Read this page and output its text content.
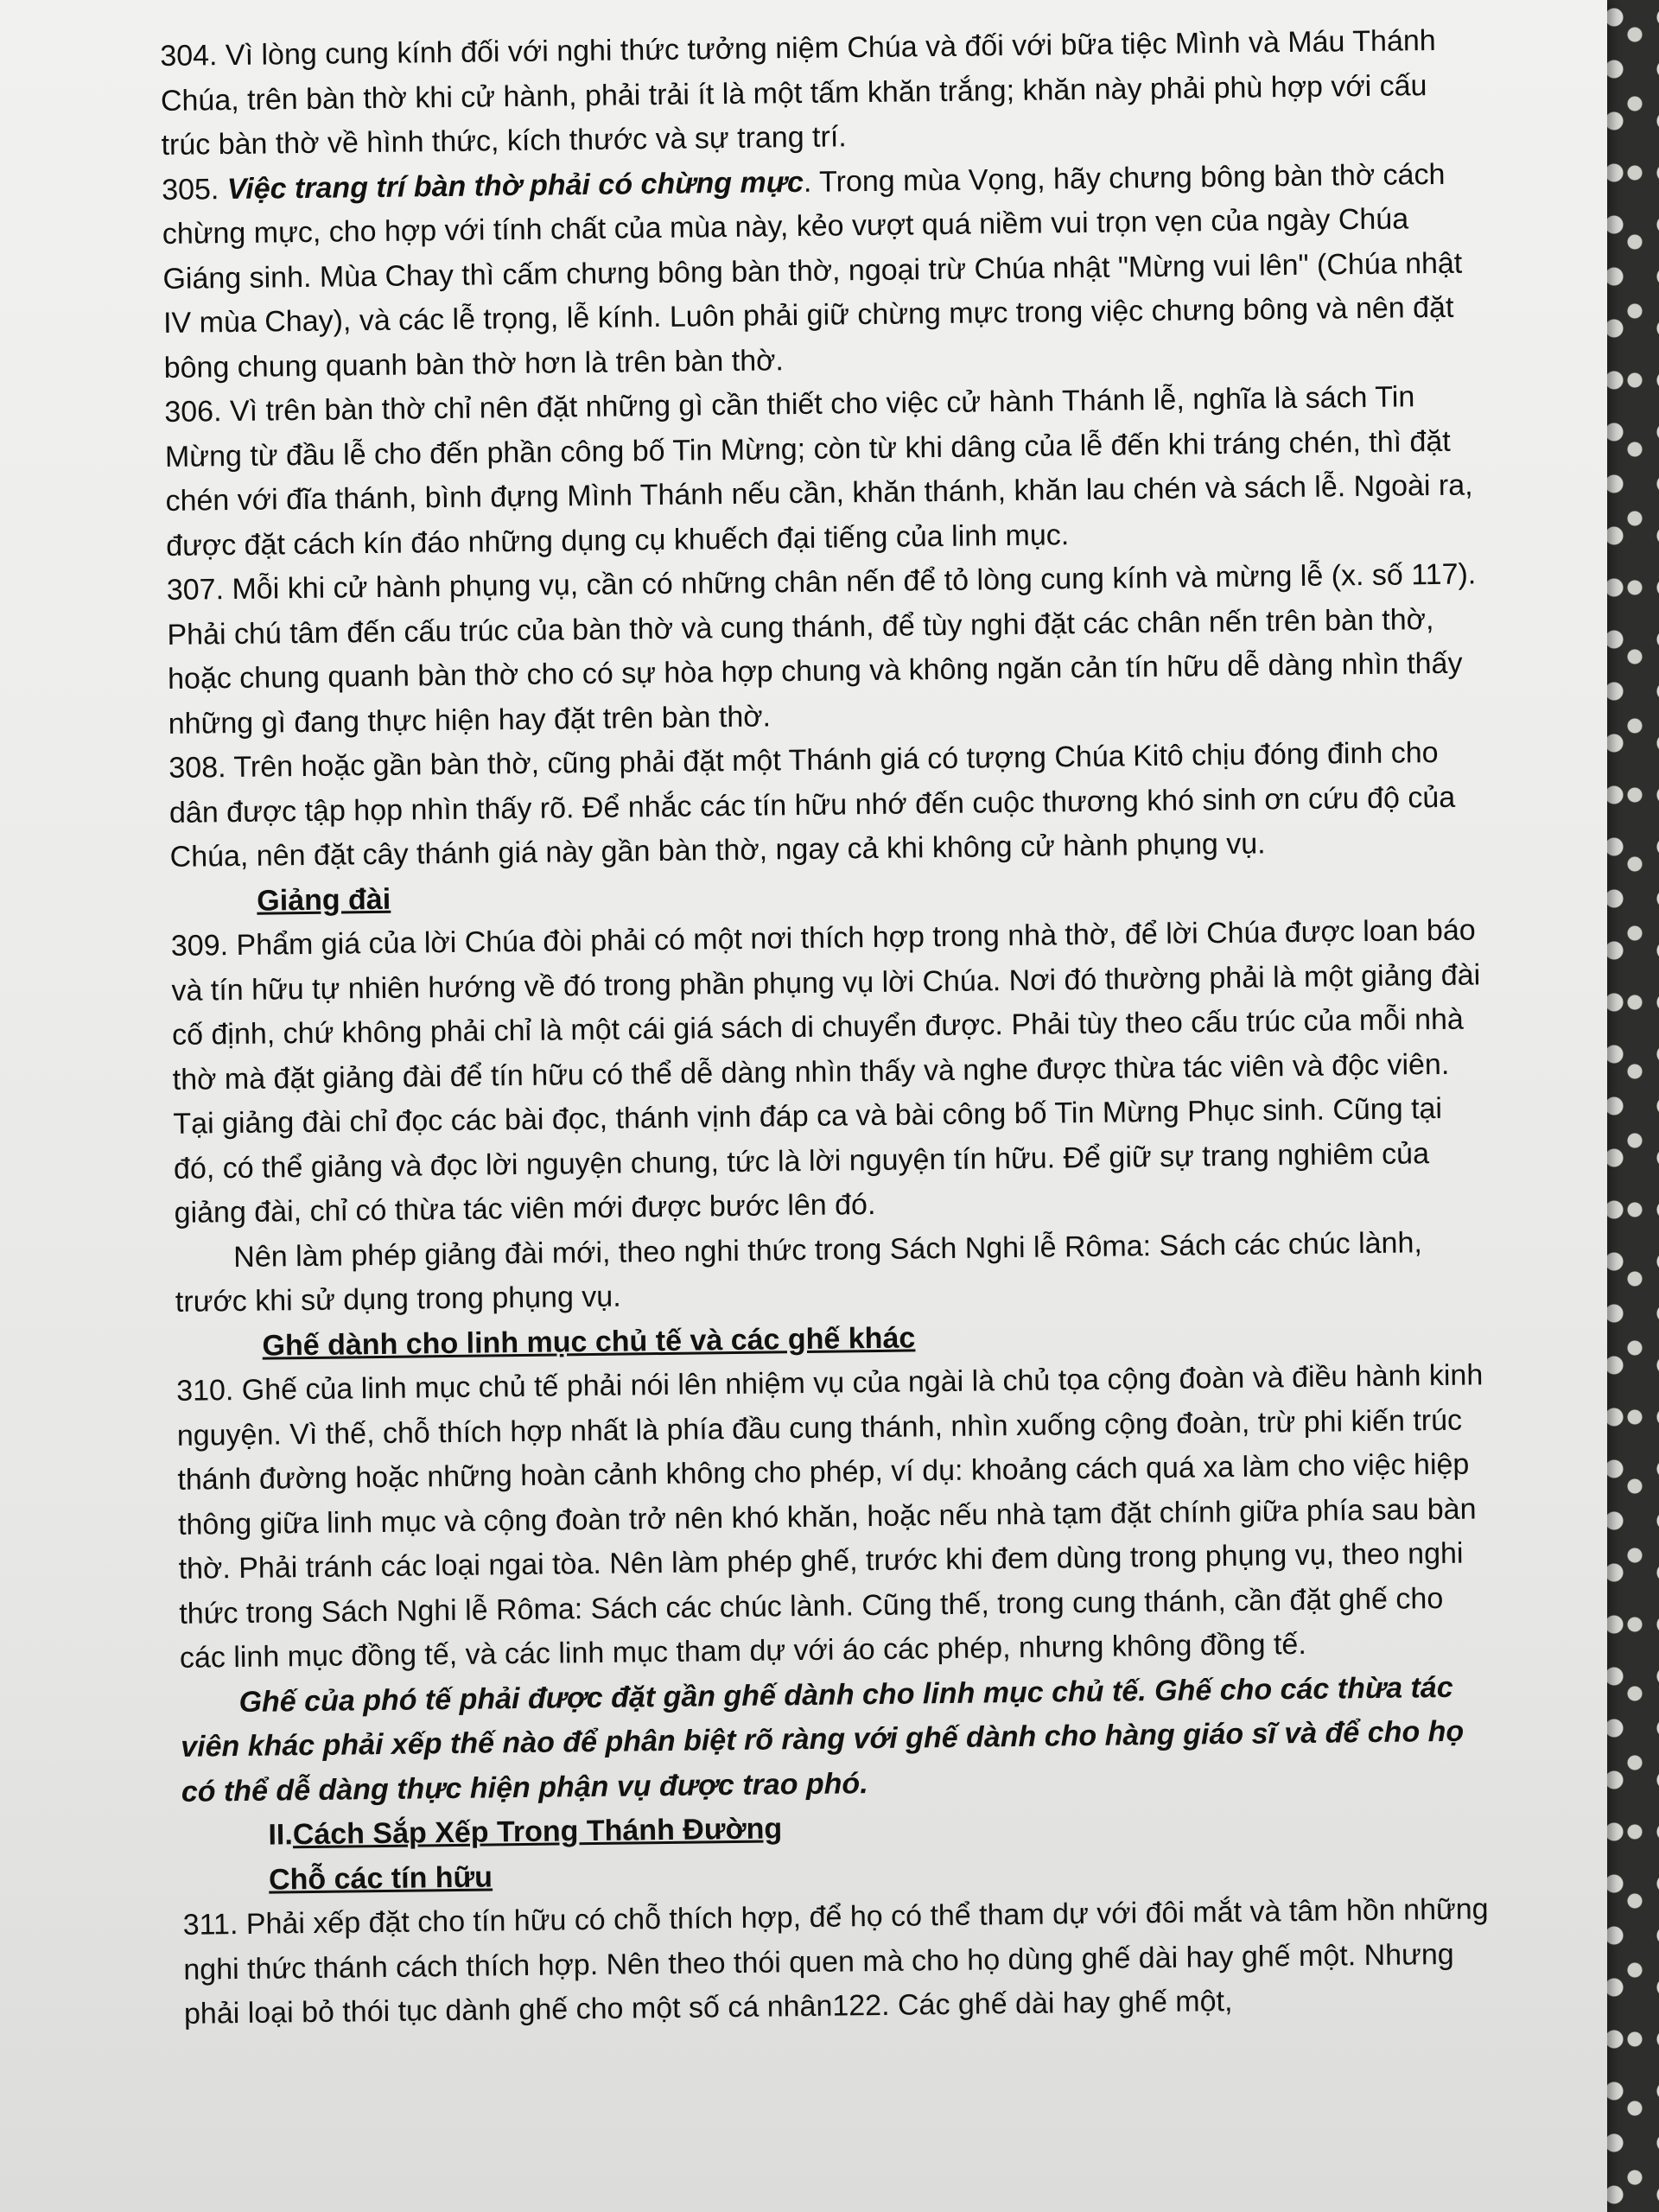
304. Vì lòng cung kính đối với nghi thức tưởng niệm Chúa và đối với bữa tiệc Mình và Máu Thánh Chúa, trên bàn thờ khi cử hành, phải trải ít là một tấm khăn trắng; khăn này phải phù hợp với cấu trúc bàn thờ về hình thức, kích thước và sự trang trí.

305. Việc trang trí bàn thờ phải có chừng mực. Trong mùa Vọng, hãy chưng bông bàn thờ cách chừng mực, cho hợp với tính chất của mùa này, kẻo vượt quá niềm vui trọn vẹn của ngày Chúa Giáng sinh. Mùa Chay thì cấm chưng bông bàn thờ, ngoại trừ Chúa nhật "Mừng vui lên" (Chúa nhật IV mùa Chay), và các lễ trọng, lễ kính. Luôn phải giữ chừng mực trong việc chưng bông và nên đặt bông chung quanh bàn thờ hơn là trên bàn thờ.

306. Vì trên bàn thờ chỉ nên đặt những gì cần thiết cho việc cử hành Thánh lễ, nghĩa là sách Tin Mừng từ đầu lễ cho đến phần công bố Tin Mừng; còn từ khi dâng của lễ đến khi tráng chén, thì đặt chén với đĩa thánh, bình đựng Mình Thánh nếu cần, khăn thánh, khăn lau chén và sách lễ. Ngoài ra, được đặt cách kín đáo những dụng cụ khuếch đại tiếng của linh mục.

307. Mỗi khi cử hành phụng vụ, cần có những chân nến để tỏ lòng cung kính và mừng lễ (x. số 117). Phải chú tâm đến cấu trúc của bàn thờ và cung thánh, để tùy nghi đặt các chân nến trên bàn thờ, hoặc chung quanh bàn thờ cho có sự hòa hợp chung và không ngăn cản tín hữu dễ dàng nhìn thấy những gì đang thực hiện hay đặt trên bàn thờ.

308. Trên hoặc gần bàn thờ, cũng phải đặt một Thánh giá có tượng Chúa Kitô chịu đóng đinh cho dân được tập họp nhìn thấy rõ. Để nhắc các tín hữu nhớ đến cuộc thương khó sinh ơn cứu độ của Chúa, nên đặt cây thánh giá này gần bàn thờ, ngay cả khi không cử hành phụng vụ.

Giảng đài

309. Phẩm giá của lời Chúa đòi phải có một nơi thích hợp trong nhà thờ, để lời Chúa được loan báo và tín hữu tự nhiên hướng về đó trong phần phụng vụ lời Chúa. Nơi đó thường phải là một giảng đài cố định, chứ không phải chỉ là một cái giá sách di chuyển được. Phải tùy theo cấu trúc của mỗi nhà thờ mà đặt giảng đài để tín hữu có thể dễ dàng nhìn thấy và nghe được thừa tác viên và độc viên. Tại giảng đài chỉ đọc các bài đọc, thánh vịnh đáp ca và bài công bố Tin Mừng Phục sinh. Cũng tại đó, có thể giảng và đọc lời nguyện chung, tức là lời nguyện tín hữu. Để giữ sự trang nghiêm của giảng đài, chỉ có thừa tác viên mới được bước lên đó.

Nên làm phép giảng đài mới, theo nghi thức trong Sách Nghi lễ Rôma: Sách các chúc lành, trước khi sử dụng trong phụng vụ.

Ghế dành cho linh mục chủ tế và các ghế khác

310. Ghế của linh mục chủ tế phải nói lên nhiệm vụ của ngài là chủ tọa cộng đoàn và điều hành kinh nguyện. Vì thế, chỗ thích hợp nhất là phía đầu cung thánh, nhìn xuống cộng đoàn, trừ phi kiến trúc thánh đường hoặc những hoàn cảnh không cho phép, ví dụ: khoảng cách quá xa làm cho việc hiệp thông giữa linh mục và cộng đoàn trở nên khó khăn, hoặc nếu nhà tạm đặt chính giữa phía sau bàn thờ. Phải tránh các loại ngai tòa. Nên làm phép ghế, trước khi đem dùng trong phụng vụ, theo nghi thức trong Sách Nghi lễ Rôma: Sách các chúc lành. Cũng thế, trong cung thánh, cần đặt ghế cho các linh mục đồng tế, và các linh mục tham dự với áo các phép, nhưng không đồng tế.

Ghế của phó tế phải được đặt gần ghế dành cho linh mục chủ tế. Ghế cho các thừa tác viên khác phải xếp thế nào để phân biệt rõ ràng với ghế dành cho hàng giáo sĩ và để cho họ có thể dễ dàng thực hiện phận vụ được trao phó.

II.Cách Sắp Xếp Trong Thánh Đường

Chỗ các tín hữu

311. Phải xếp đặt cho tín hữu có chỗ thích hợp, để họ có thể tham dự với đôi mắt và tâm hồn những nghi thức thánh cách thích hợp. Nên theo thói quen mà cho họ dùng ghế dài hay ghế một. Nhưng phải loại bỏ thói tục dành ghế cho một số cá nhân122. Các ghế dài hay ghế một,
